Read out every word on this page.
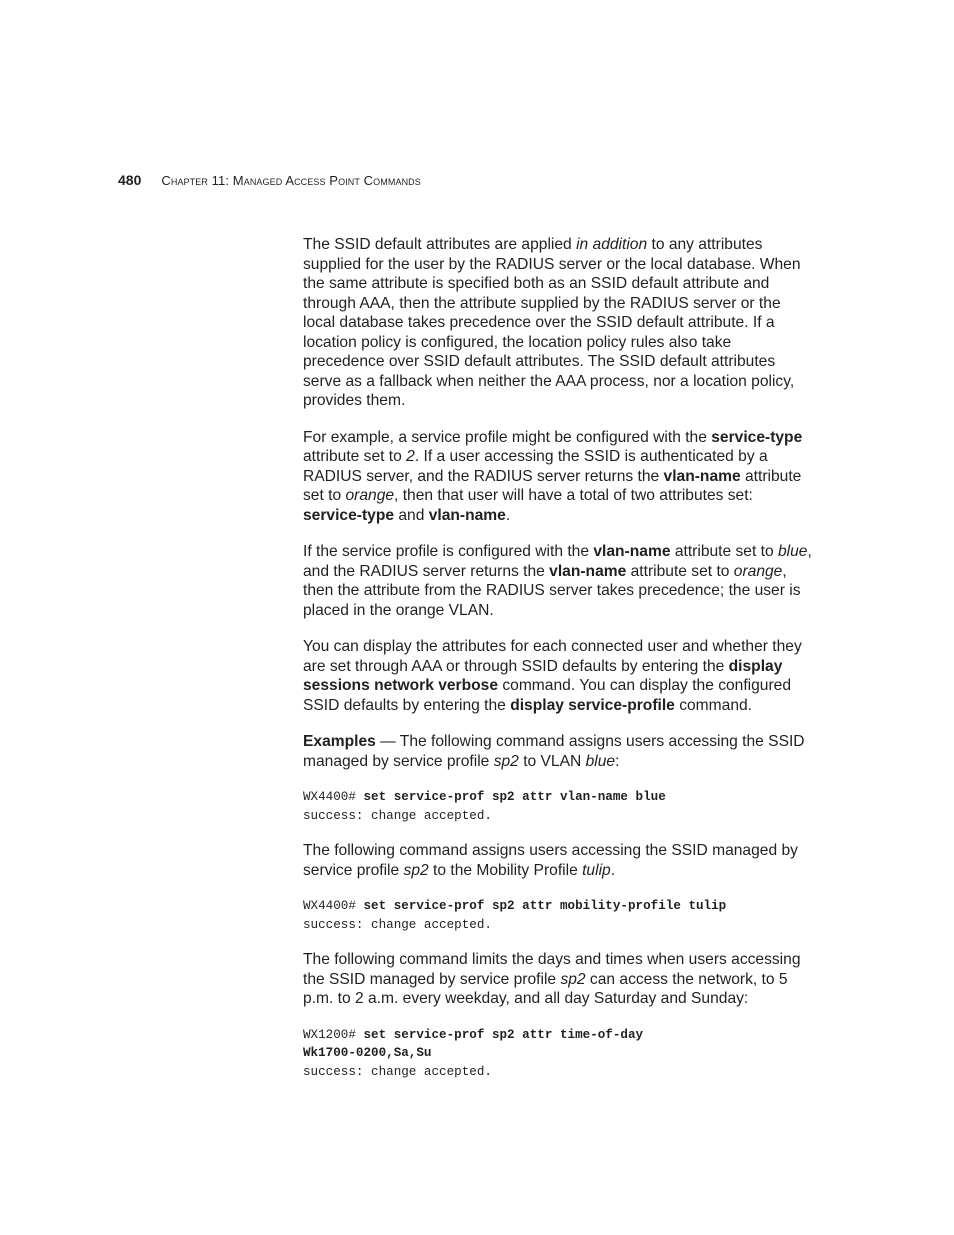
480 Chapter 11: Managed Access Point Commands

The SSID default attributes are applied in addition to any attributes supplied for the user by the RADIUS server or the local database. When the same attribute is specified both as an SSID default attribute and through AAA, then the attribute supplied by the RADIUS server or the local database takes precedence over the SSID default attribute. If a location policy is configured, the location policy rules also take precedence over SSID default attributes. The SSID default attributes serve as a fallback when neither the AAA process, nor a location policy, provides them.

For example, a service profile might be configured with the service-type attribute set to 2. If a user accessing the SSID is authenticated by a RADIUS server, and the RADIUS server returns the vlan-name attribute set to orange, then that user will have a total of two attributes set: service-type and vlan-name.

If the service profile is configured with the vlan-name attribute set to blue, and the RADIUS server returns the vlan-name attribute set to orange, then the attribute from the RADIUS server takes precedence; the user is placed in the orange VLAN.

You can display the attributes for each connected user and whether they are set through AAA or through SSID defaults by entering the display sessions network verbose command. You can display the configured SSID defaults by entering the display service-profile command.

Examples — The following command assigns users accessing the SSID managed by service profile sp2 to VLAN blue:

WX4400# set service-prof sp2 attr vlan-name blue
success: change accepted.

The following command assigns users accessing the SSID managed by service profile sp2 to the Mobility Profile tulip.

WX4400# set service-prof sp2 attr mobility-profile tulip
success: change accepted.

The following command limits the days and times when users accessing the SSID managed by service profile sp2 can access the network, to 5 p.m. to 2 a.m. every weekday, and all day Saturday and Sunday:

WX1200# set service-prof sp2 attr time-of-day
Wk1700-0200,Sa,Su
success: change accepted.
